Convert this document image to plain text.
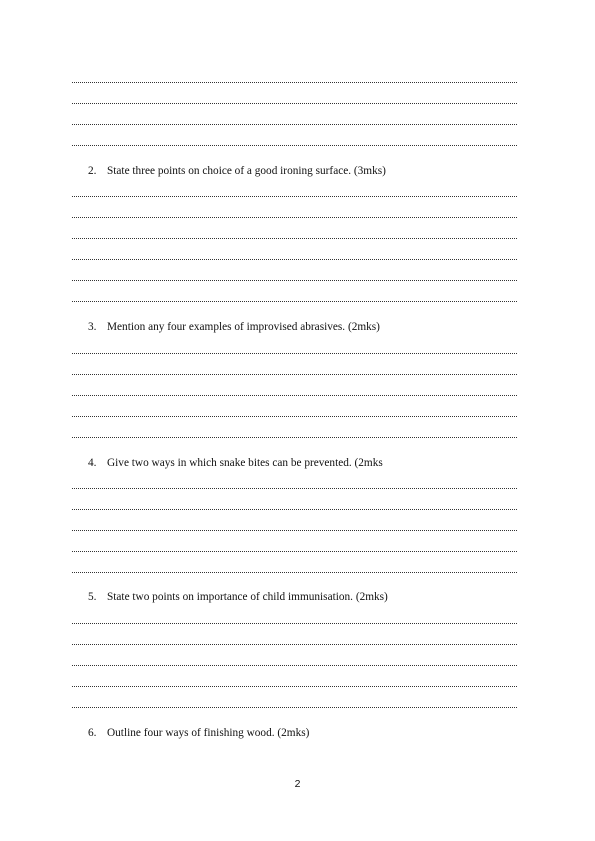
2. State three points on choice of a good ironing surface. (3mks)
3. Mention any four examples of improvised abrasives. (2mks)
4. Give two ways in which snake bites can be prevented. (2mks
5. State two points on importance of child immunisation. (2mks)
6. Outline four ways of finishing wood. (2mks)
2
